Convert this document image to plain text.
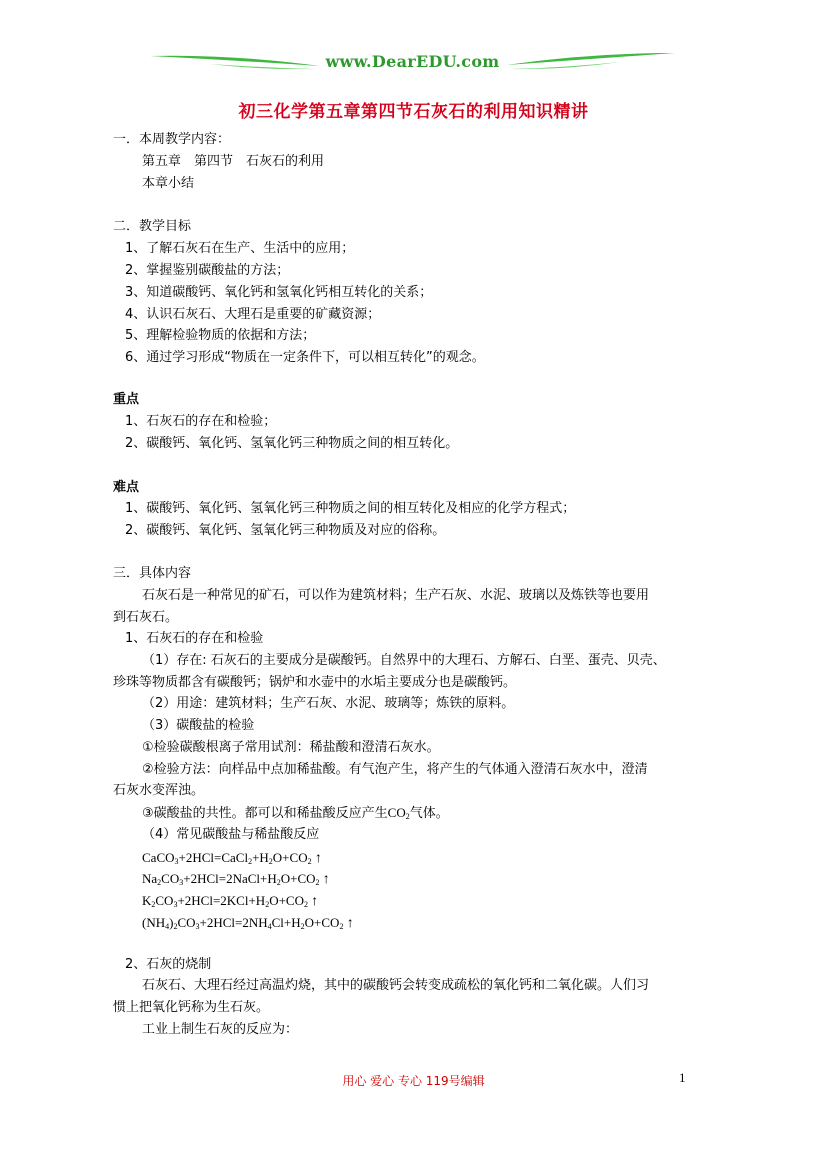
www.DearEDU.com
初三化学第五章第四节石灰石的利用知识精讲
一．本周教学内容：
第五章　第四节　石灰石的利用
本章小结
二．教学目标
1、了解石灰石在生产、生活中的应用；
2、掌握鉴别碳酸盐的方法；
3、知道碳酸钙、氧化钙和氢氧化钙相互转化的关系；
4、认识石灰石、大理石是重要的矿藏资源；
5、理解检验物质的依据和方法；
6、通过学习形成“物质在一定条件下，可以相互转化”的观念。
重点
1、石灰石的存在和检验；
2、碳酸钙、氧化钙、氢氧化钙三种物质之间的相互转化。
难点
1、碳酸钙、氧化钙、氢氧化钙三种物质之间的相互转化及相应的化学方程式；
2、碳酸钙、氧化钙、氢氧化钙三种物质及对应的俗称。
三．具体内容
石灰石是一种常见的矿石，可以作为建筑材料；生产石灰、水泥、玻璃以及炼铁等也要用
到石灰石。
1、石灰石的存在和检验
（1）存在: 石灰石的主要成分是碳酸钙。自然界中的大理石、方解石、白垩、蛋壳、贝壳、
珍珠等物质都含有碳酸钙；锅炉和水壶中的水垢主要成分也是碳酸钙。
（2）用途：建筑材料；生产石灰、水泥、玻璃等；炼铁的原料。
（3）碳酸盐的检验
①检验碳酸根离子常用试剂：稀盐酸和澄清石灰水。
②检验方法：向样品中点加稀盐酸。有气泡产生，将产生的气体通入澄清石灰水中，澄清
石灰水变浑浊。
③碳酸盐的共性。都可以和稀盐酸反应产生$CO_2$气体。
（4）常见碳酸盐与稀盐酸反应
$CaCO_3+2HCl=CaCl_2+H_2O+CO_2$ ↑
$Na_2CO_3+2HCl=2NaCl+H_2O+CO_2$ ↑
$K_2CO_3+2HCl=2KCl+H_2O+CO_2$ ↑
$(NH_4)_2CO_3+2HCl=2NH_4Cl+H_2O+CO_2$ ↑
2、石灰的烧制
石灰石、大理石经过高温灼烧，其中的碳酸钙会转变成疏松的氧化钙和二氧化碳。人们习
惯上把氧化钙称为生石灰。
工业上制生石灰的反应为：
用心 爱心 专心 119号编辑	1
